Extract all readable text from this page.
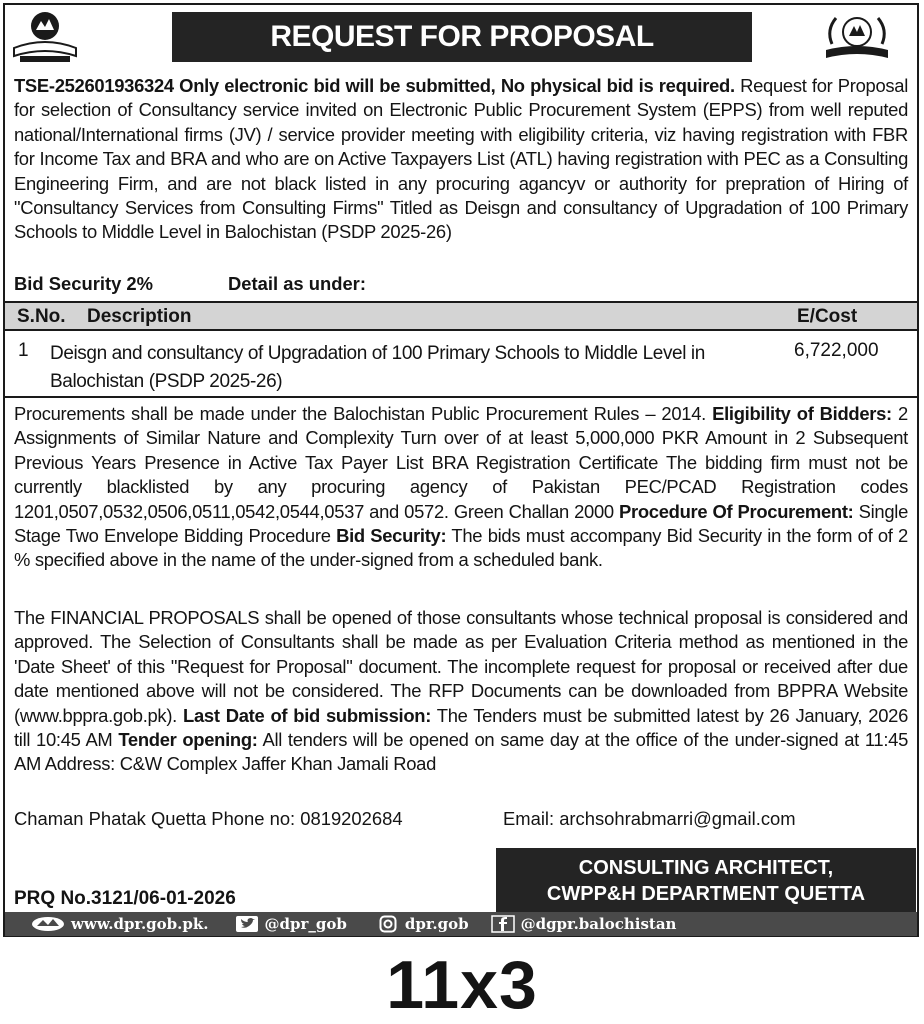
REQUEST FOR PROPOSAL
TSE-252601936324 Only electronic bid will be submitted, No physical bid is required. Request for Proposal for selection of Consultancy service invited on Electronic Public Procurement System (EPPS) from well reputed national/International firms (JV) / service provider meeting with eligibility criteria, viz having registration with FBR for Income Tax and BRA and who are on Active Taxpayers List (ATL) having registration with PEC as a Consulting Engineering Firm, and are not black listed in any procuring agancyv or authority for prepration of Hiring of "Consultancy Services from Consulting Firms" Titled as Deisgn and consultancy of Upgradation of 100 Primary Schools to Middle Level in Balochistan (PSDP 2025-26)
Bid Security 2%	Detail as under:
S.No. Description	E/Cost
1 Deisgn and consultancy of Upgradation of 100 Primary Schools to Middle Level in Balochistan (PSDP 2025-26)
6,722,000
Procurements shall be made under the Balochistan Public Procurement Rules – 2014. Eligibility of Bidders: 2 Assignments of Similar Nature and Complexity Turn over of at least 5,000,000 PKR Amount in 2 Subsequent Previous Years Presence in Active Tax Payer List BRA Registration Certificate The bidding firm must not be currently blacklisted by any procuring agency of Pakistan PEC/PCAD Registration codes 1201,0507,0532,0506,0511,0542,0544,0537 and 0572. Green Challan 2000 Procedure Of Procurement: Single Stage Two Envelope Bidding Procedure Bid Security: The bids must accompany Bid Security in the form of of 2 % specified above in the name of the under-signed from a scheduled bank.
The FINANCIAL PROPOSALS shall be opened of those consultants whose technical proposal is considered and approved. The Selection of Consultants shall be made as per Evaluation Criteria method as mentioned in the 'Date Sheet' of this "Request for Proposal" document. The incomplete request for proposal or received after due date mentioned above will not be considered. The RFP Documents can be downloaded from BPPRA Website (www.bppra.gob.pk). Last Date of bid submission: The Tenders must be submitted latest by 26 January, 2026 till 10:45 AM Tender opening: All tenders will be opened on same day at the office of the under-signed at 11:45 AM Address: C&W Complex Jaffer Khan Jamali Road
Chaman Phatak Quetta Phone no: 0819202684	Email: archsohrabmarri@gmail.com
CONSULTING ARCHITECT,
CWPP&H DEPARTMENT QUETTA
PRQ No.3121/06-01-2026
www.dpr.gob.pk.	@dpr_gob	dpr.gob	@dgpr.balochistan
11x3
